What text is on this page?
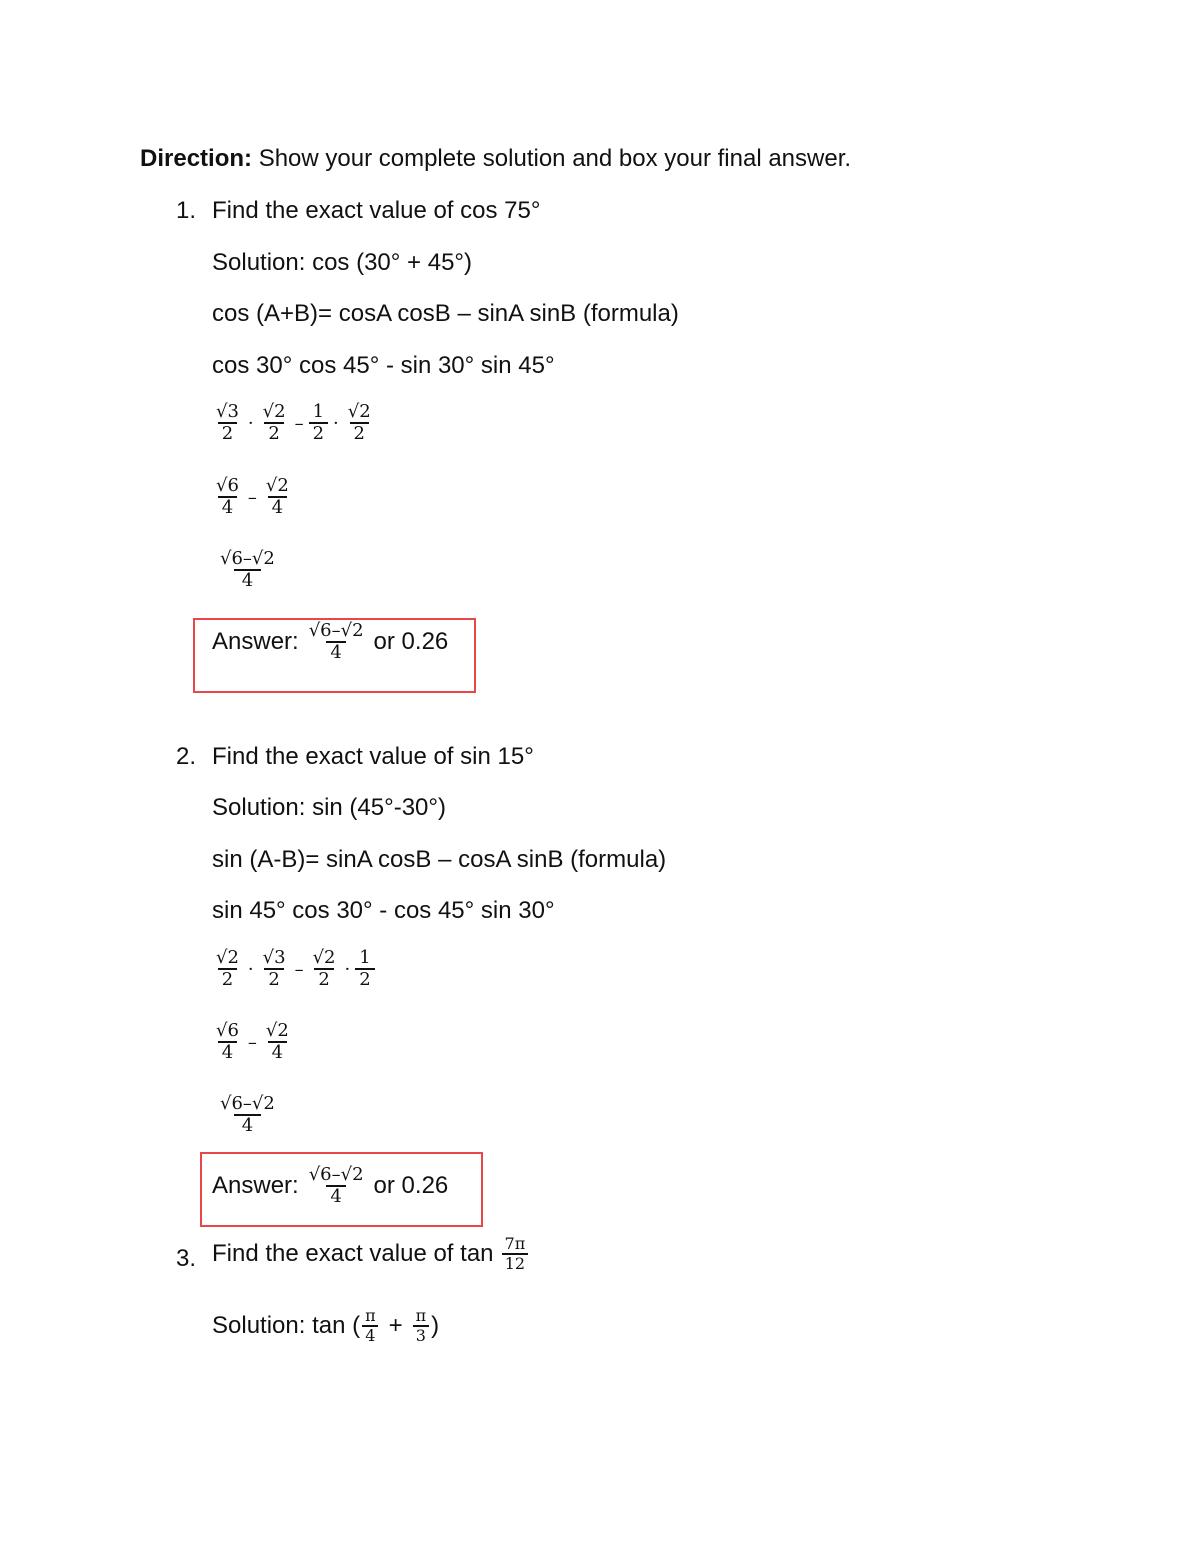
Direction: Show your complete solution and box your final answer.
1. Find the exact value of cos 75°
Solution: cos (30° + 45°)
cos (A+B)= cosA cosB – sinA sinB (formula)
cos 30° cos 45° - sin 30° sin 45°
$\frac{√3}{2} \cdot \frac{√2}{2} - \frac{1}{2} \cdot \frac{√2}{2}$
$\frac{√6}{4} - \frac{√2}{4}$
$\frac{√6-√2}{4}$
Answer: $\frac{√6-√2}{4}$ or 0.26
2. Find the exact value of sin 15°
Solution: sin (45°-30°)
sin (A-B)= sinA cosB – cosA sinB (formula)
sin 45° cos 30° - cos 45° sin 30°
$\frac{√2}{2} \cdot \frac{√3}{2} - \frac{√2}{2} \cdot \frac{1}{2}$
$\frac{√6}{4} - \frac{√2}{4}$
$\frac{√6-√2}{4}$
Answer: $\frac{√6-√2}{4}$ or 0.26
3. Find the exact value of $\tan \frac{7\pi}{12}$
Solution: tan ( $\frac{\pi}{4} + \frac{\pi}{3}$ )
